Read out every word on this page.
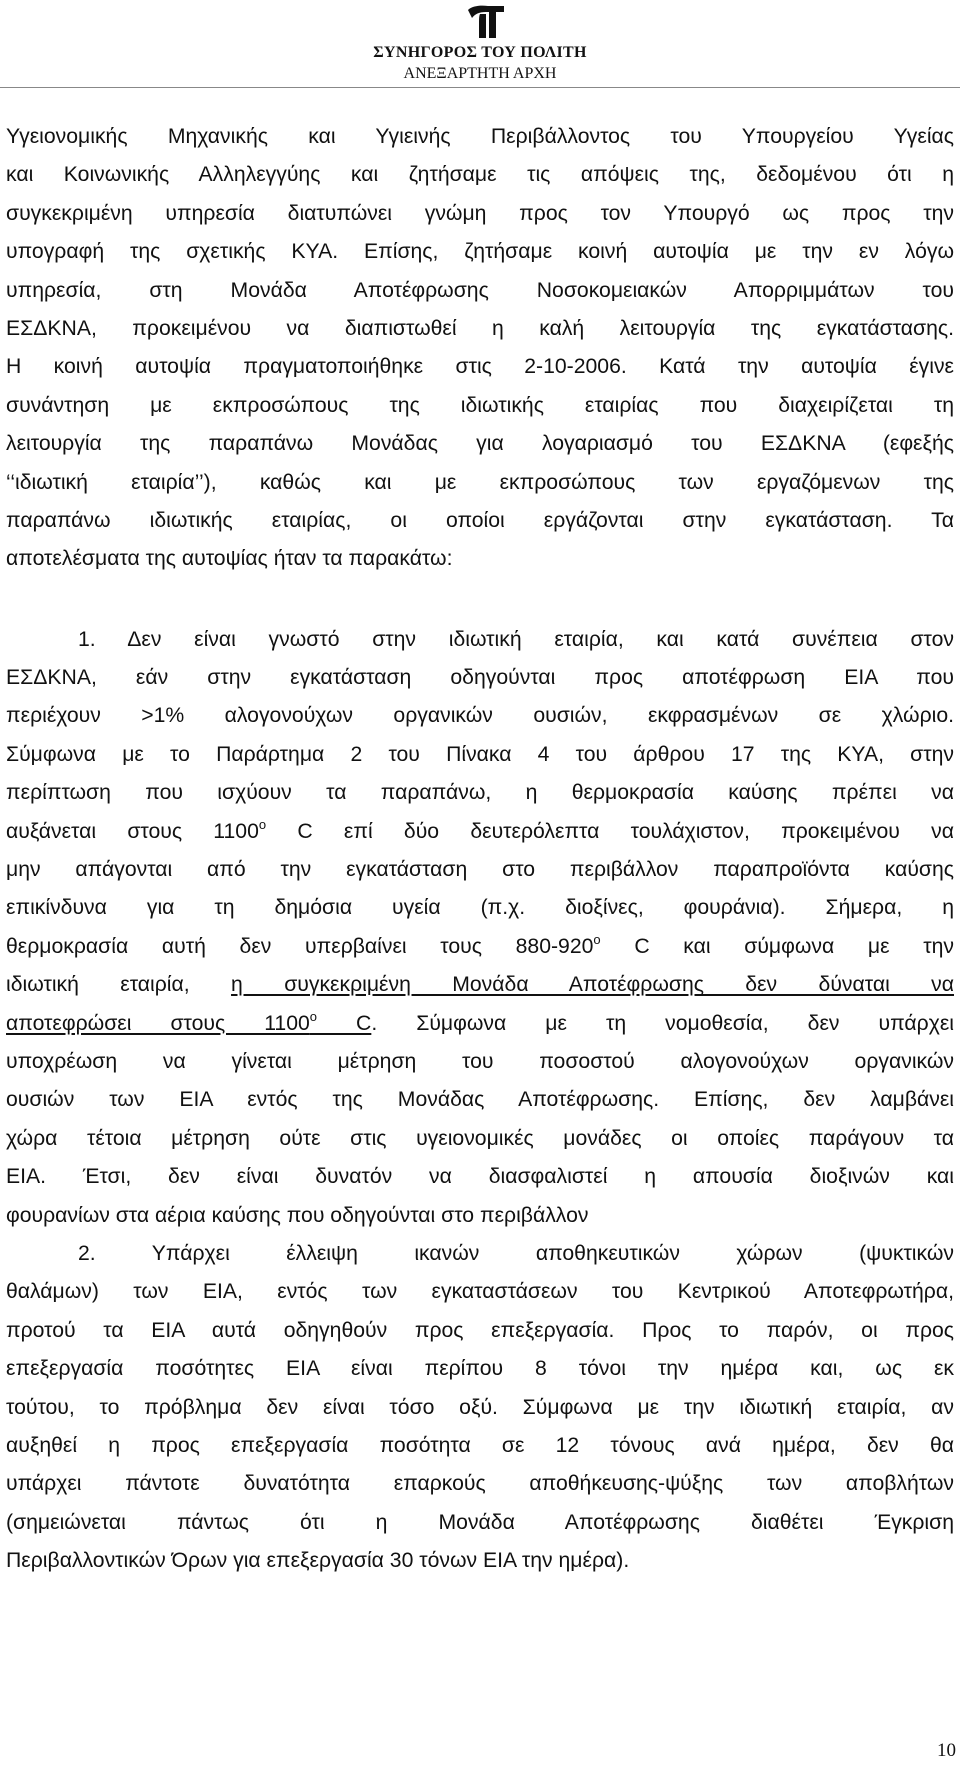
ΣΥΝΗΓΟΡΟΣ ΤΟΥ ΠΟΛΙΤΗ
ΑΝΕΞΑΡΤΗΤΗ ΑΡΧΗ
Υγειονομικής Μηχανικής και Υγιεινής Περιβάλλοντος του Υπουργείου Υγείας
και Κοινωνικής Αλληλεγγύης και ζητήσαμε τις απόψεις της, δεδομένου ότι η
συγκεκριμένη υπηρεσία διατυπώνει γνώμη προς τον Υπουργό ως προς την
υπογραφή της σχετικής ΚΥΑ. Επίσης, ζητήσαμε κοινή αυτοψία με την εν λόγω
υπηρεσία, στη Μονάδα Αποτέφρωσης Νοσοκομειακών Απορριμμάτων του
ΕΣΔΚΝΑ, προκειμένου να διαπιστωθεί η καλή λειτουργία της εγκατάστασης.
Η κοινή αυτοψία πραγματοποιήθηκε στις 2-10-2006. Κατά την αυτοψία έγινε
συνάντηση με εκπροσώπους της ιδιωτικής εταιρίας που διαχειρίζεται τη
λειτουργία της παραπάνω Μονάδας για λογαριασμό του ΕΣΔΚΝΑ (εφεξής
‘‘ιδιωτική εταιρία’’), καθώς και με εκπροσώπους των εργαζόμενων της
παραπάνω ιδιωτικής εταιρίας, οι οποίοι εργάζονται στην εγκατάσταση. Τα
αποτελέσματα της αυτοψίας ήταν τα παρακάτω:
1. Δεν είναι γνωστό στην ιδιωτική εταιρία, και κατά συνέπεια στον
ΕΣΔΚΝΑ, εάν στην εγκατάσταση οδηγούνται προς αποτέφρωση ΕΙΑ που
περιέχουν >1% αλογονούχων οργανικών ουσιών, εκφρασμένων σε χλώριο.
Σύμφωνα με το Παράρτημα 2 του Πίνακα 4 του άρθρου 17 της ΚΥΑ, στην
περίπτωση που ισχύουν τα παραπάνω, η θερμοκρασία καύσης πρέπει να
αυξάνεται στους $1100^o$ C επί δύο δευτερόλεπτα τουλάχιστον, προκειμένου να
μην απάγονται από την εγκατάσταση στο περιβάλλον παραπροϊόντα καύσης
επικίνδυνα για τη δημόσια υγεία (π.χ. διοξίνες, φουράνια). Σήμερα, η
θερμοκρασία αυτή δεν υπερβαίνει τους $880-920^o$ C και σύμφωνα με την
ιδιωτική εταιρία, η συγκεκριμένη Μονάδα Αποτέφρωσης δεν δύναται να
αποτεφρώσει στους $1100^o$ C. Σύμφωνα με τη νομοθεσία, δεν υπάρχει
υποχρέωση να γίνεται μέτρηση του ποσοστού αλογονούχων οργανικών
ουσιών των ΕΙΑ εντός της Μονάδας Αποτέφρωσης. Επίσης, δεν λαμβάνει
χώρα τέτοια μέτρηση ούτε στις υγειονομικές μονάδες οι οποίες παράγουν τα
ΕΙΑ. Έτσι, δεν είναι δυνατόν να διασφαλιστεί η απουσία διοξινών και
φουρανίων στα αέρια καύσης που οδηγούνται στο περιβάλλον
2.	Υπάρχει έλλειψη ικανών αποθηκευτικών χώρων (ψυκτικών
θαλάμων) των ΕΙΑ, εντός των εγκαταστάσεων του Κεντρικού Αποτεφρωτήρα,
προτού τα ΕΙΑ αυτά οδηγηθούν προς επεξεργασία. Προς το παρόν, οι προς
επεξεργασία ποσότητες ΕΙΑ είναι περίπου 8 τόνοι την ημέρα και, ως εκ
τούτου, το πρόβλημα δεν είναι τόσο οξύ. Σύμφωνα με την ιδιωτική εταιρία, αν
αυξηθεί η προς επεξεργασία ποσότητα σε 12 τόνους ανά ημέρα, δεν θα
υπάρχει πάντοτε δυνατότητα επαρκούς αποθήκευσης-ψύξης των αποβλήτων
(σημειώνεται πάντως ότι η Μονάδα Αποτέφρωσης διαθέτει Έγκριση
Περιβαλλοντικών Όρων για επεξεργασία 30 τόνων ΕΙΑ την ημέρα).
10
